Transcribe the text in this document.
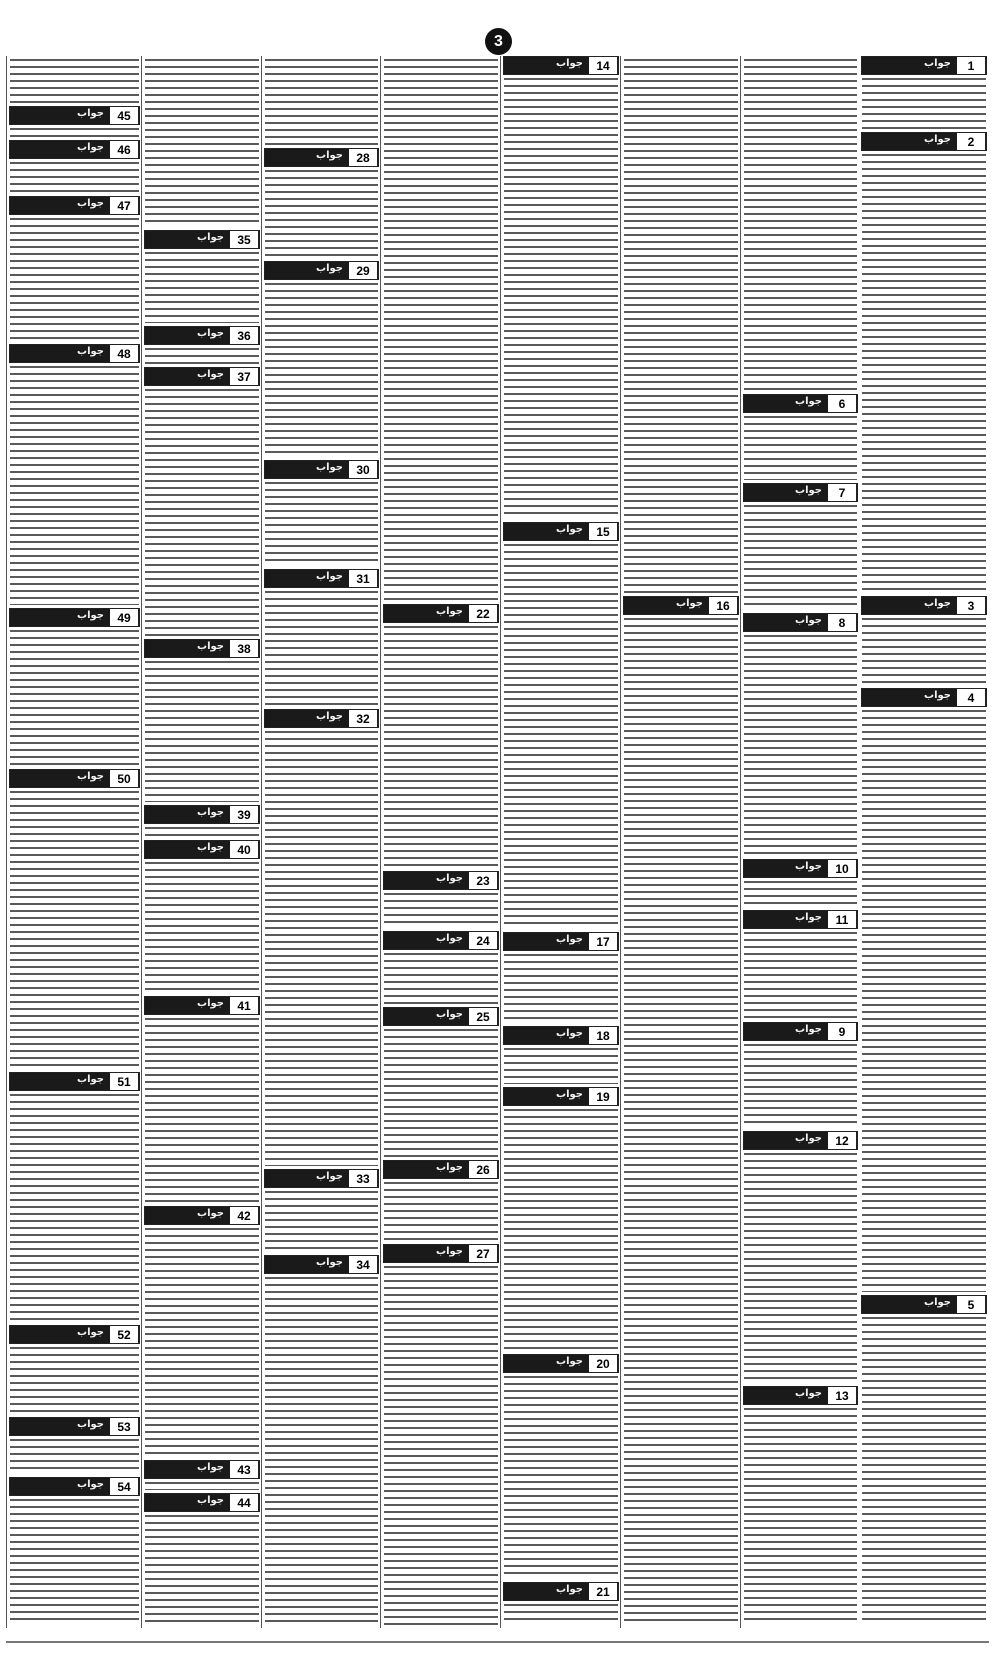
3
جواب	1
جواب	2
جواب	3
جواب	4
جواب	5
جواب	6
جواب	7
جواب	8
جواب	10
جواب	11
جواب	9
جواب	12
جواب	13
جواب	16
جواب	14
جواب	15
جواب	17
جواب	18
جواب	19
جواب	20
جواب	21
جواب	22
جواب	23
جواب	24
جواب	25
جواب	26
جواب	27
جواب	28
جواب	29
جواب	30
جواب	31
جواب	32
جواب	33
جواب	34
جواب	35
جواب	36
جواب	37
جواب	38
جواب	39
جواب	40
جواب	41
جواب	42
جواب	43
جواب	44
جواب	45
جواب	46
جواب	47
جواب	48
جواب	49
جواب	50
جواب	51
جواب	52
جواب	53
جواب	54
